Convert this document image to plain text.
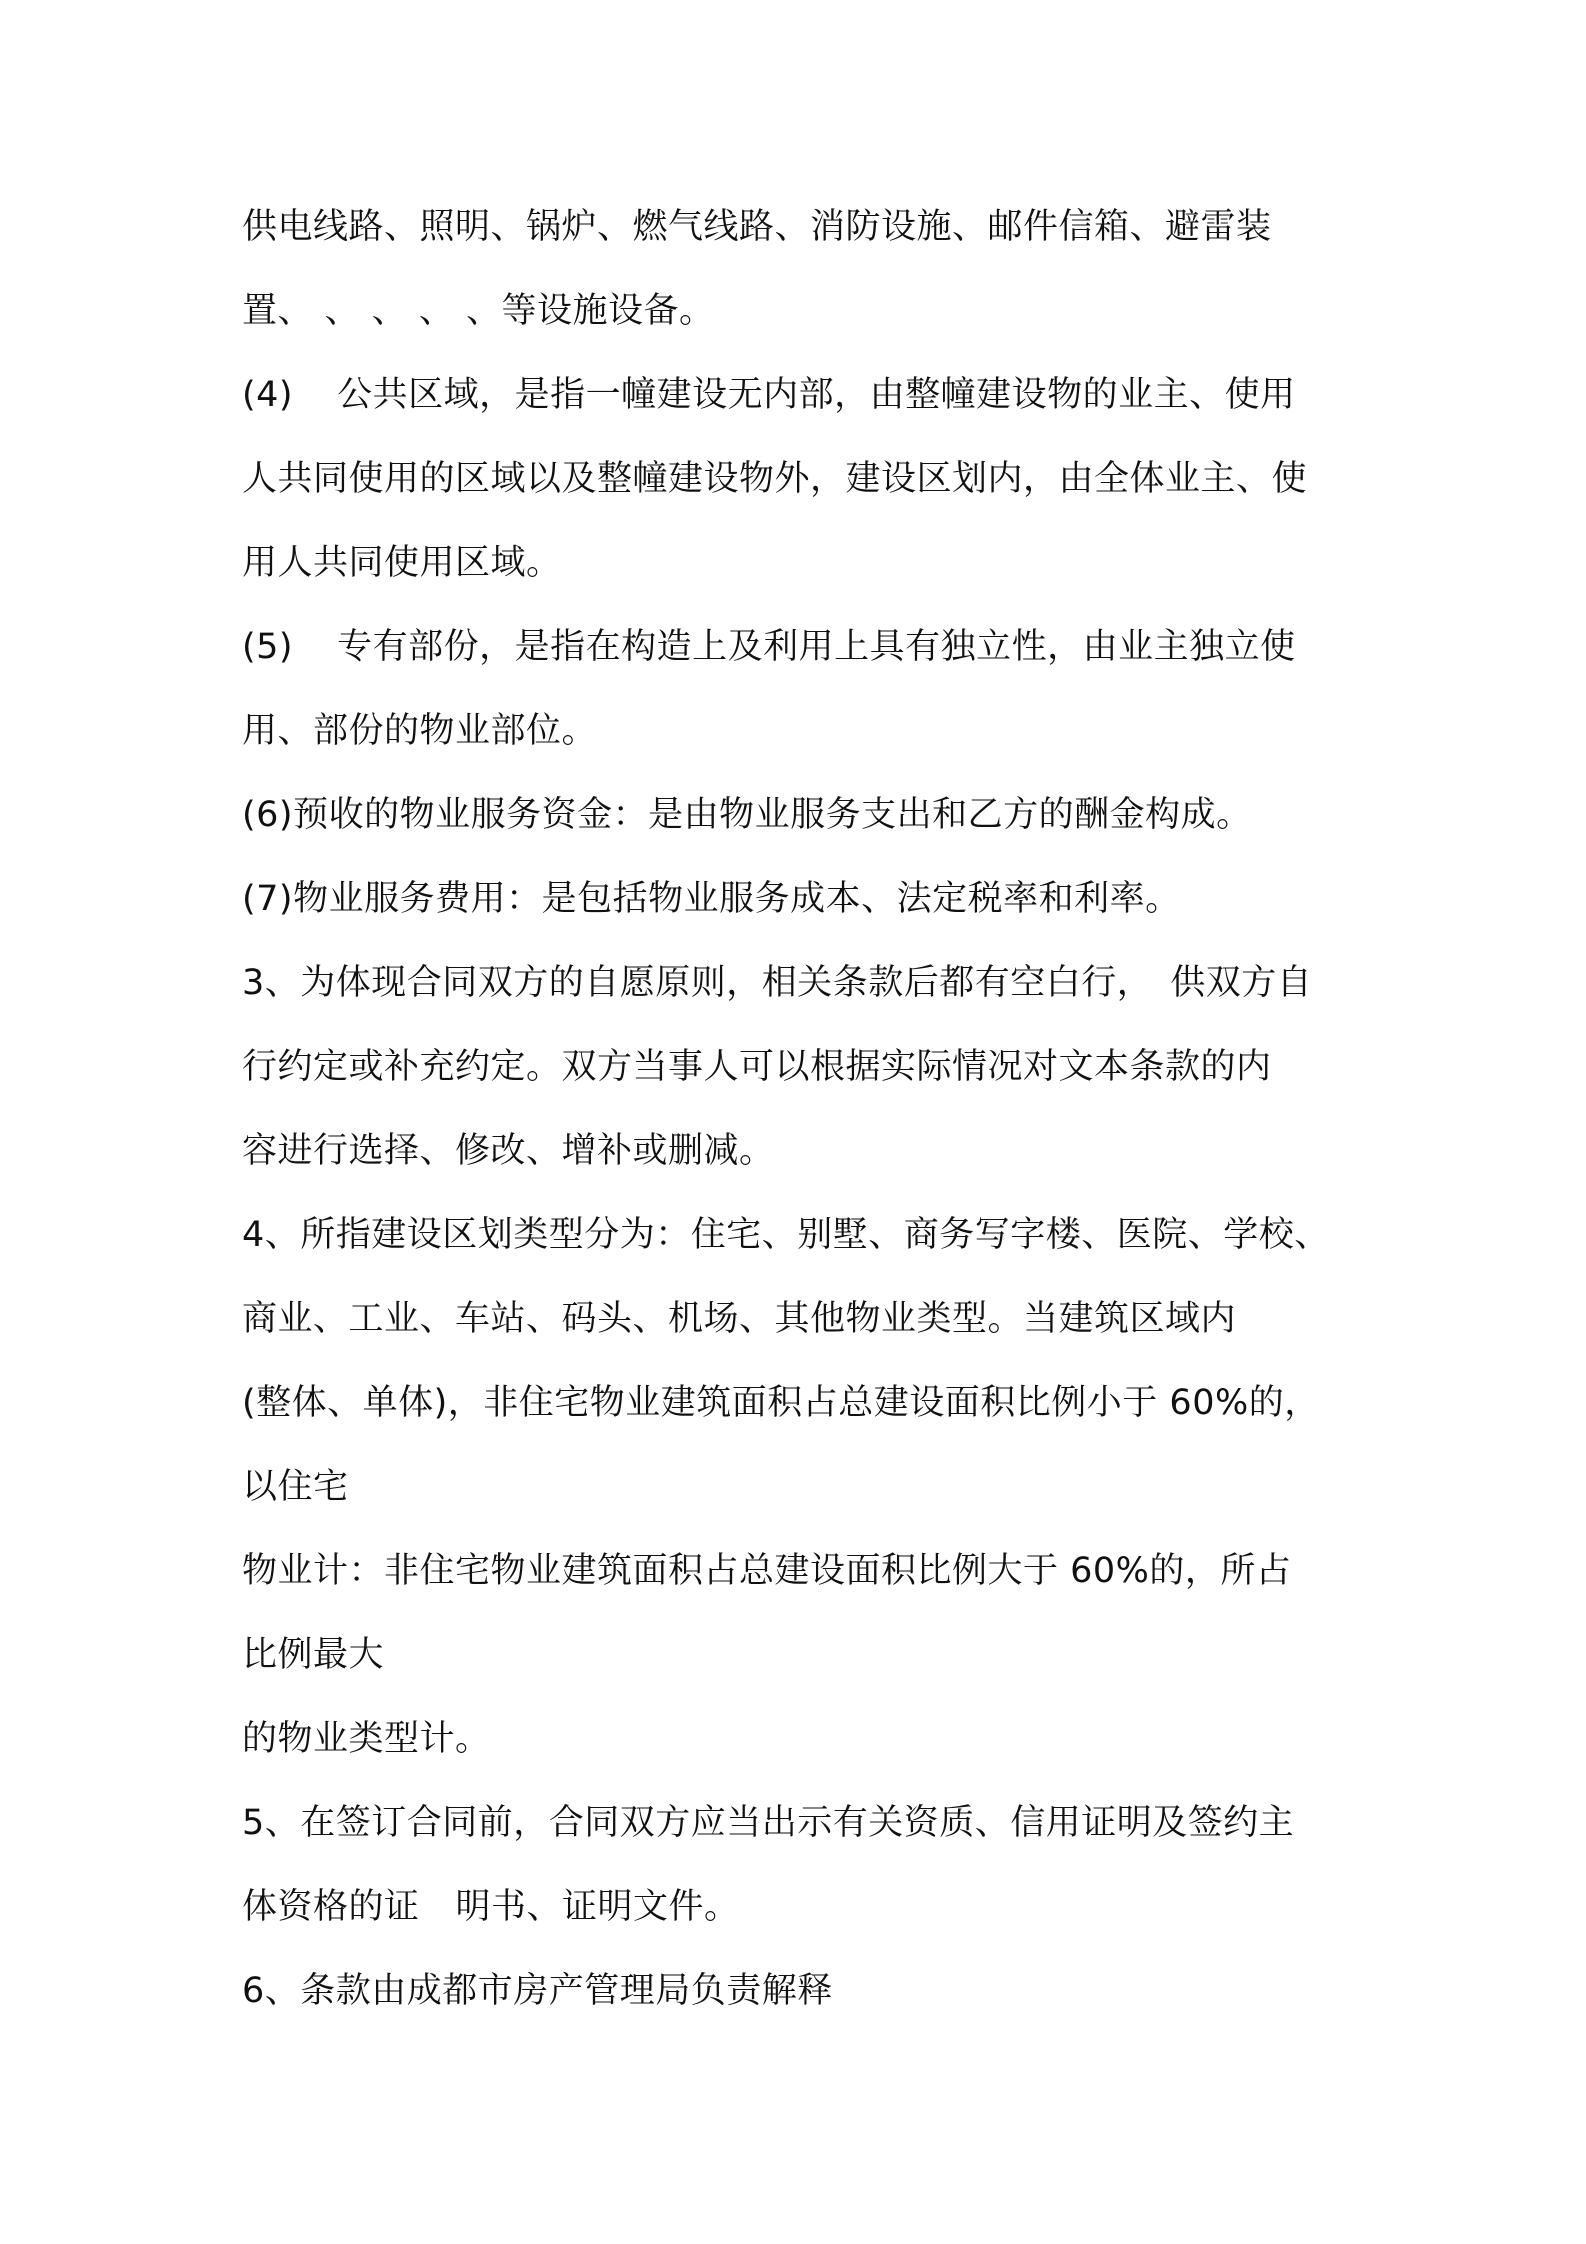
供电线路、照明、锅炉、燃气线路、消防设施、邮件信箱、避雷装
置、 、 、 、 、等设施设备。
(4) 公共区域，是指一幢建设无内部，由整幢建设物的业主、使用
人共同使用的区域以及整幢建设物外，建设区划内，由全体业主、使
用人共同使用区域。
(5) 专有部份，是指在构造上及利用上具有独立性，由业主独立使
用、部份的物业部位。
(6)预收的物业服务资金：是由物业服务支出和乙方的酬金构成。
(7)物业服务费用：是包括物业服务成本、法定税率和利率。
3、为体现合同双方的自愿原则，相关条款后都有空白行， 供双方自
行约定或补充约定。双方当事人可以根据实际情况对文本条款的内
容进行选择、修改、增补或删减。
4、所指建设区划类型分为：住宅、别墅、商务写字楼、医院、学校、
商业、工业、车站、码头、机场、其他物业类型。当建筑区域内
(整体、单体)，非住宅物业建筑面积占总建设面积比例小于 60%的，
以住宅
物业计：非住宅物业建筑面积占总建设面积比例大于 60%的，所占
比例最大
的物业类型计。
5、在签订合同前，合同双方应当出示有关资质、信用证明及签约主
体资格的证 明书、证明文件。
6、条款由成都市房产管理局负责解释
